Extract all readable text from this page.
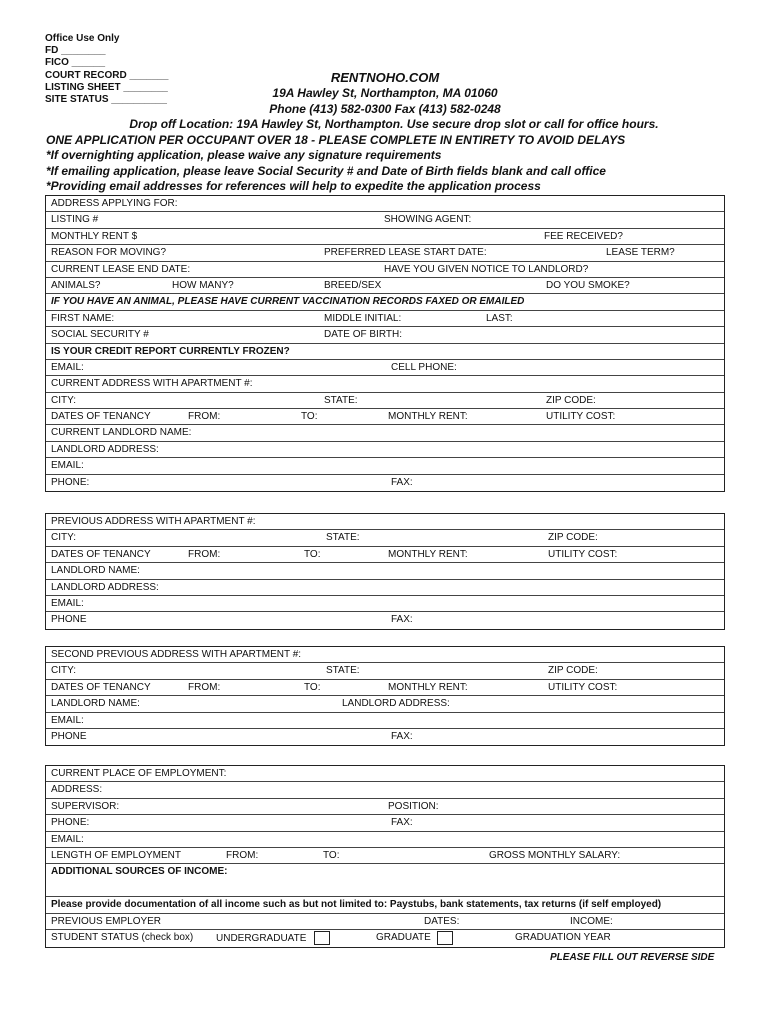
Office Use Only
FD ________
FICO ______
COURT RECORD _______
LISTING SHEET ________
SITE STATUS __________
RENTNOHO.COM
19A Hawley St, Northampton, MA 01060
Phone (413) 582-0300 Fax (413) 582-0248
Drop off Location: 19A Hawley St, Northampton. Use secure drop slot or call for office hours.
ONE APPLICATION PER OCCUPANT OVER 18 - PLEASE COMPLETE IN ENTIRETY TO AVOID DELAYS
*If overnighting application, please waive any signature requirements
*If emailing application, please leave Social Security # and Date of Birth fields blank and call office
*Providing email addresses for references will help to expedite the application process
ADDRESS APPLYING FOR:
LISTING #	SHOWING AGENT:
MONTHLY RENT $	FEE RECEIVED?
REASON FOR MOVING?	PREFERRED LEASE START DATE:	LEASE TERM?
CURRENT LEASE END DATE:	HAVE YOU GIVEN NOTICE TO LANDLORD?
ANIMALS?	HOW MANY?	BREED/SEX	DO YOU SMOKE?
IF YOU HAVE AN ANIMAL, PLEASE HAVE CURRENT VACCINATION RECORDS FAXED OR EMAILED
FIRST NAME:	MIDDLE INITIAL:	LAST:
SOCIAL SECURITY #	DATE OF BIRTH:
IS YOUR CREDIT REPORT CURRENTLY FROZEN?
EMAIL:	CELL PHONE:
CURRENT ADDRESS WITH APARTMENT #:
CITY:	STATE:	ZIP CODE:
DATES OF TENANCY	FROM:	TO:	MONTHLY RENT:	UTILITY COST:
CURRENT LANDLORD NAME:
LANDLORD ADDRESS:
EMAIL:
PHONE:	FAX:
PREVIOUS ADDRESS WITH APARTMENT #:
CITY:	STATE:	ZIP CODE:
DATES OF TENANCY	FROM:	TO:	MONTHLY RENT:	UTILITY COST:
LANDLORD NAME:
LANDLORD ADDRESS:
EMAIL:
PHONE	FAX:
SECOND PREVIOUS ADDRESS WITH APARTMENT #:
CITY:	STATE:	ZIP CODE:
DATES OF TENANCY	FROM:	TO:	MONTHLY RENT:	UTILITY COST:
LANDLORD NAME:	LANDLORD ADDRESS:
EMAIL:
PHONE	FAX:
CURRENT PLACE OF EMPLOYMENT:
ADDRESS:
SUPERVISOR:	POSITION:
PHONE:	FAX:
EMAIL:
LENGTH OF EMPLOYMENT	FROM:	TO:	GROSS MONTHLY SALARY:
ADDITIONAL SOURCES OF INCOME:
Please provide documentation of all income such as but not limited to: Paystubs, bank statements, tax returns (if self employed)
PREVIOUS EMPLOYER	DATES:	INCOME:
STUDENT STATUS (check box) UNDERGRADUATE	GRADUATE	GRADUATION YEAR
PLEASE FILL OUT REVERSE SIDE
